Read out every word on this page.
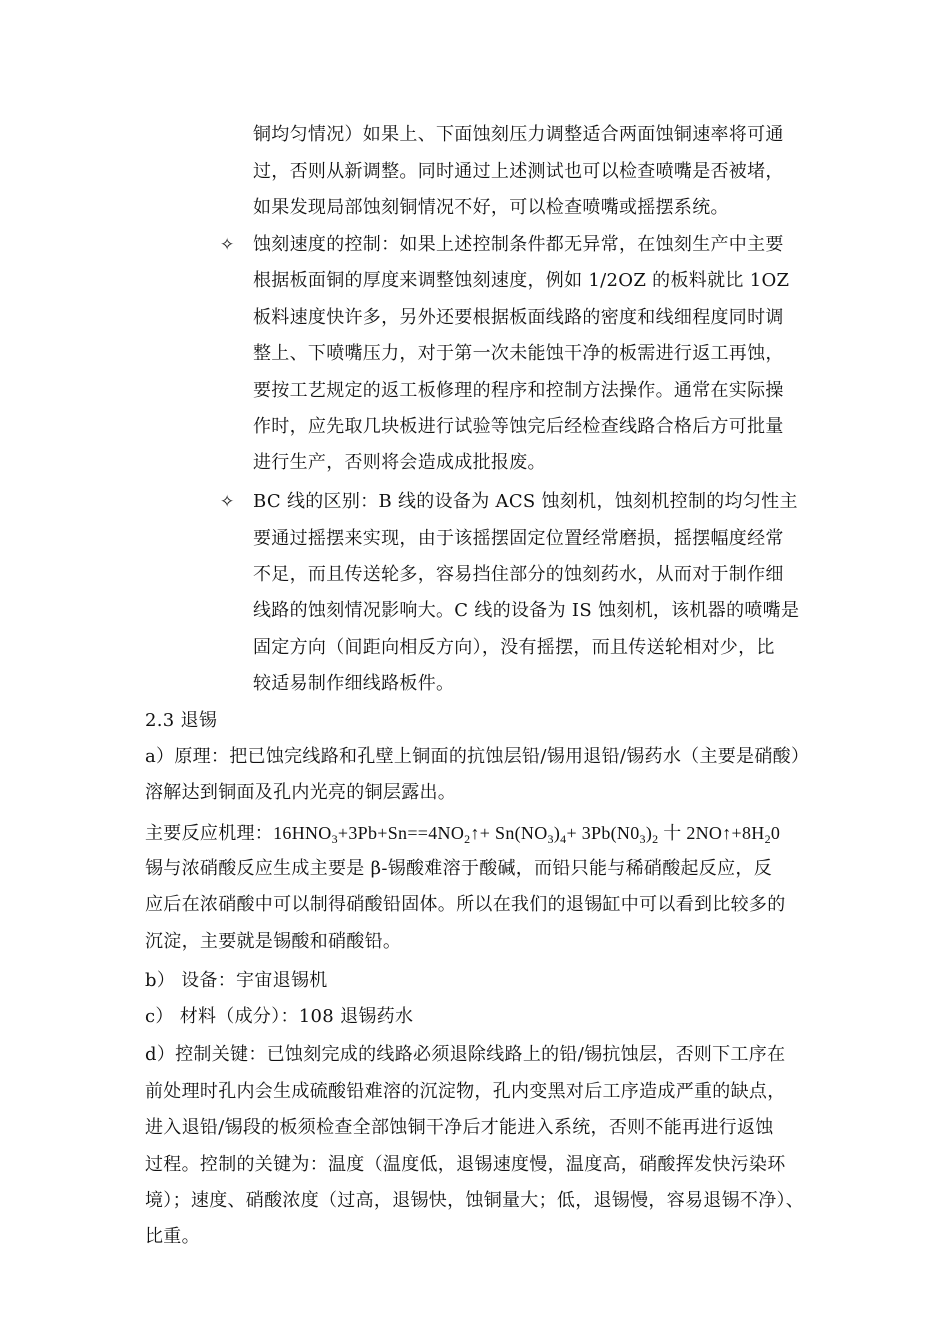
铜均匀情况）如果上、下面蚀刻压力调整适合两面蚀铜速率将可通
过，否则从新调整。同时通过上述测试也可以检查喷嘴是否被堵，
如果发现局部蚀刻铜情况不好，可以检查喷嘴或摇摆系统。
✧ 蚀刻速度的控制：如果上述控制条件都无异常，在蚀刻生产中主要
根据板面铜的厚度来调整蚀刻速度，例如 1/2OZ 的板料就比 1OZ
板料速度快许多，另外还要根据板面线路的密度和线细程度同时调
整上、下喷嘴压力，对于第一次未能蚀干净的板需进行返工再蚀，
要按工艺规定的返工板修理的程序和控制方法操作。通常在实际操
作时，应先取几块板进行试验等蚀完后经检查线路合格后方可批量
进行生产，否则将会造成成批报废。
✧ BC 线的区别：B 线的设备为 ACS 蚀刻机，蚀刻机控制的均匀性主
要通过摇摆来实现，由于该摇摆固定位置经常磨损，摇摆幅度经常
不足，而且传送轮多，容易挡住部分的蚀刻药水，从而对于制作细
线路的蚀刻情况影响大。C 线的设备为 IS 蚀刻机，该机器的喷嘴是
固定方向（间距向相反方向），没有摇摆，而且传送轮相对少，比
较适易制作细线路板件。
2.3 退锡
a）原理：把已蚀完线路和孔壁上铜面的抗蚀层铅/锡用退铅/锡药水（主要是硝酸）
溶解达到铜面及孔内光亮的铜层露出。
主要反应机理：$16HNO_3+3Pb+Sn==4NO_2↑+ Sn(NO_3)_4+ 3Pb(N0_3)_2$ 十 $2NO↑+8H_20$
锡与浓硝酸反应生成主要是 β-锡酸难溶于酸碱，而铅只能与稀硝酸起反应，反
应后在浓硝酸中可以制得硝酸铅固体。所以在我们的退锡缸中可以看到比较多的
沉淀，主要就是锡酸和硝酸铅。
b） 设备：宇宙退锡机
c） 材料（成分）：108 退锡药水
d）控制关键：已蚀刻完成的线路必须退除线路上的铅/锡抗蚀层，否则下工序在
前处理时孔内会生成硫酸铅难溶的沉淀物，孔内变黑对后工序造成严重的缺点，
进入退铅/锡段的板须检查全部蚀铜干净后才能进入系统，否则不能再进行返蚀
过程。控制的关键为：温度（温度低，退锡速度慢，温度高，硝酸挥发快污染环
境）；速度、硝酸浓度（过高，退锡快，蚀铜量大；低，退锡慢，容易退锡不净）、
比重。
